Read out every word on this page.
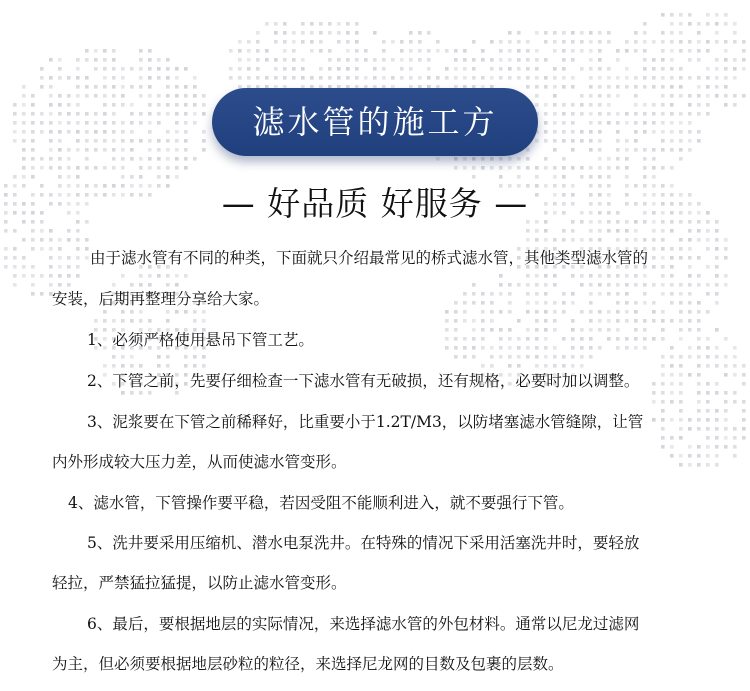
滤水管的施工方
— 好品质 好服务 —
由于滤水管有不同的种类，下面就只介绍最常见的桥式滤水管，其他类型滤水管的
安装，后期再整理分享给大家。
1、必须严格使用悬吊下管工艺。
2、下管之前，先要仔细检查一下滤水管有无破损，还有规格，必要时加以调整。
3、泥浆要在下管之前稀释好，比重要小于1.2T/M3，以防堵塞滤水管缝隙，让管
内外形成较大压力差，从而使滤水管变形。
4、滤水管，下管操作要平稳，若因受阻不能顺利进入，就不要强行下管。
5、洗井要采用压缩机、潜水电泵洗井。在特殊的情况下采用活塞洗井时，要轻放
轻拉，严禁猛拉猛提，以防止滤水管变形。
6、最后，要根据地层的实际情况，来选择滤水管的外包材料。通常以尼龙过滤网
为主，但必须要根据地层砂粒的粒径，来选择尼龙网的目数及包裹的层数。
